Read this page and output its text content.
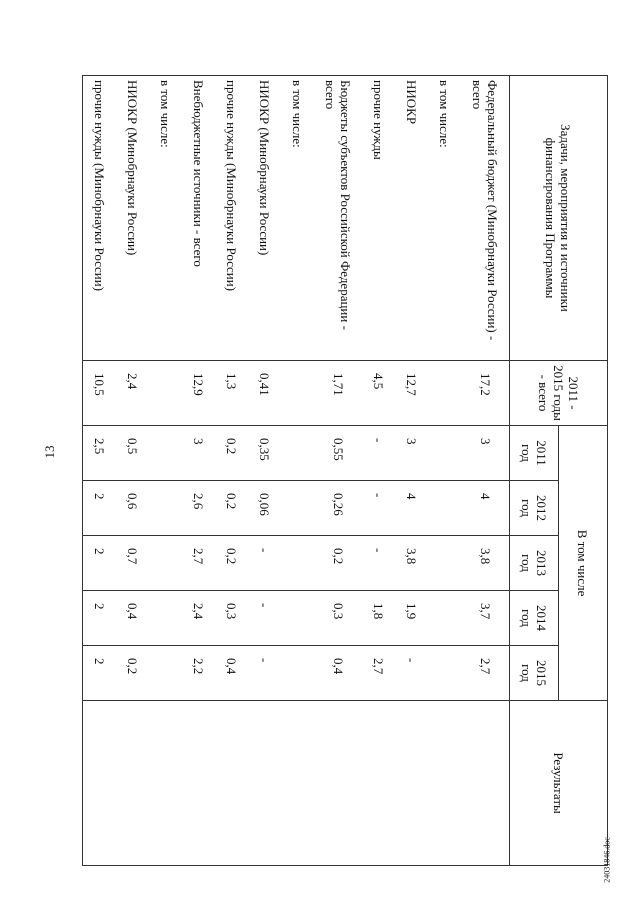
13
Задачи, мероприятия и источники финансирования Программы	2011 - 2015 годы - всего	В том числе					Результаты
		2011 год	2012 год	2013 год	2014 год	2015 год	
Федеральный бюджет (Минобрнауки России) - всего	17,2	3	4	3,8	3,7	2,7	
в том числе:							
НИОКР	12,7	3	4	3,8	1,9	-	
прочие нужды	4,5	-	-	-	1,8	2,7	
Бюджеты субъектов Российской Федерации - всего	1,71	0,55	0,26	0,2	0,3	0,4	
в том числе:							
НИОКР (Минобрнауки России)	0,41	0,35	0,06	-	-	-	
прочие нужды (Минобрнауки России)	1,3	0,2	0,2	0,2	0,3	0,4	
Внебюджетные источники - всего	12,9	3	2,6	2,7	2,4	2,2	
в том числе:							
НИОКР (Минобрнауки России)	2,4	0,5	0,6	0,7	0,4	0,2	
прочие нужды (Минобрнауки России)	10,5	2,5	2	2	2	2	
24031846.doc
